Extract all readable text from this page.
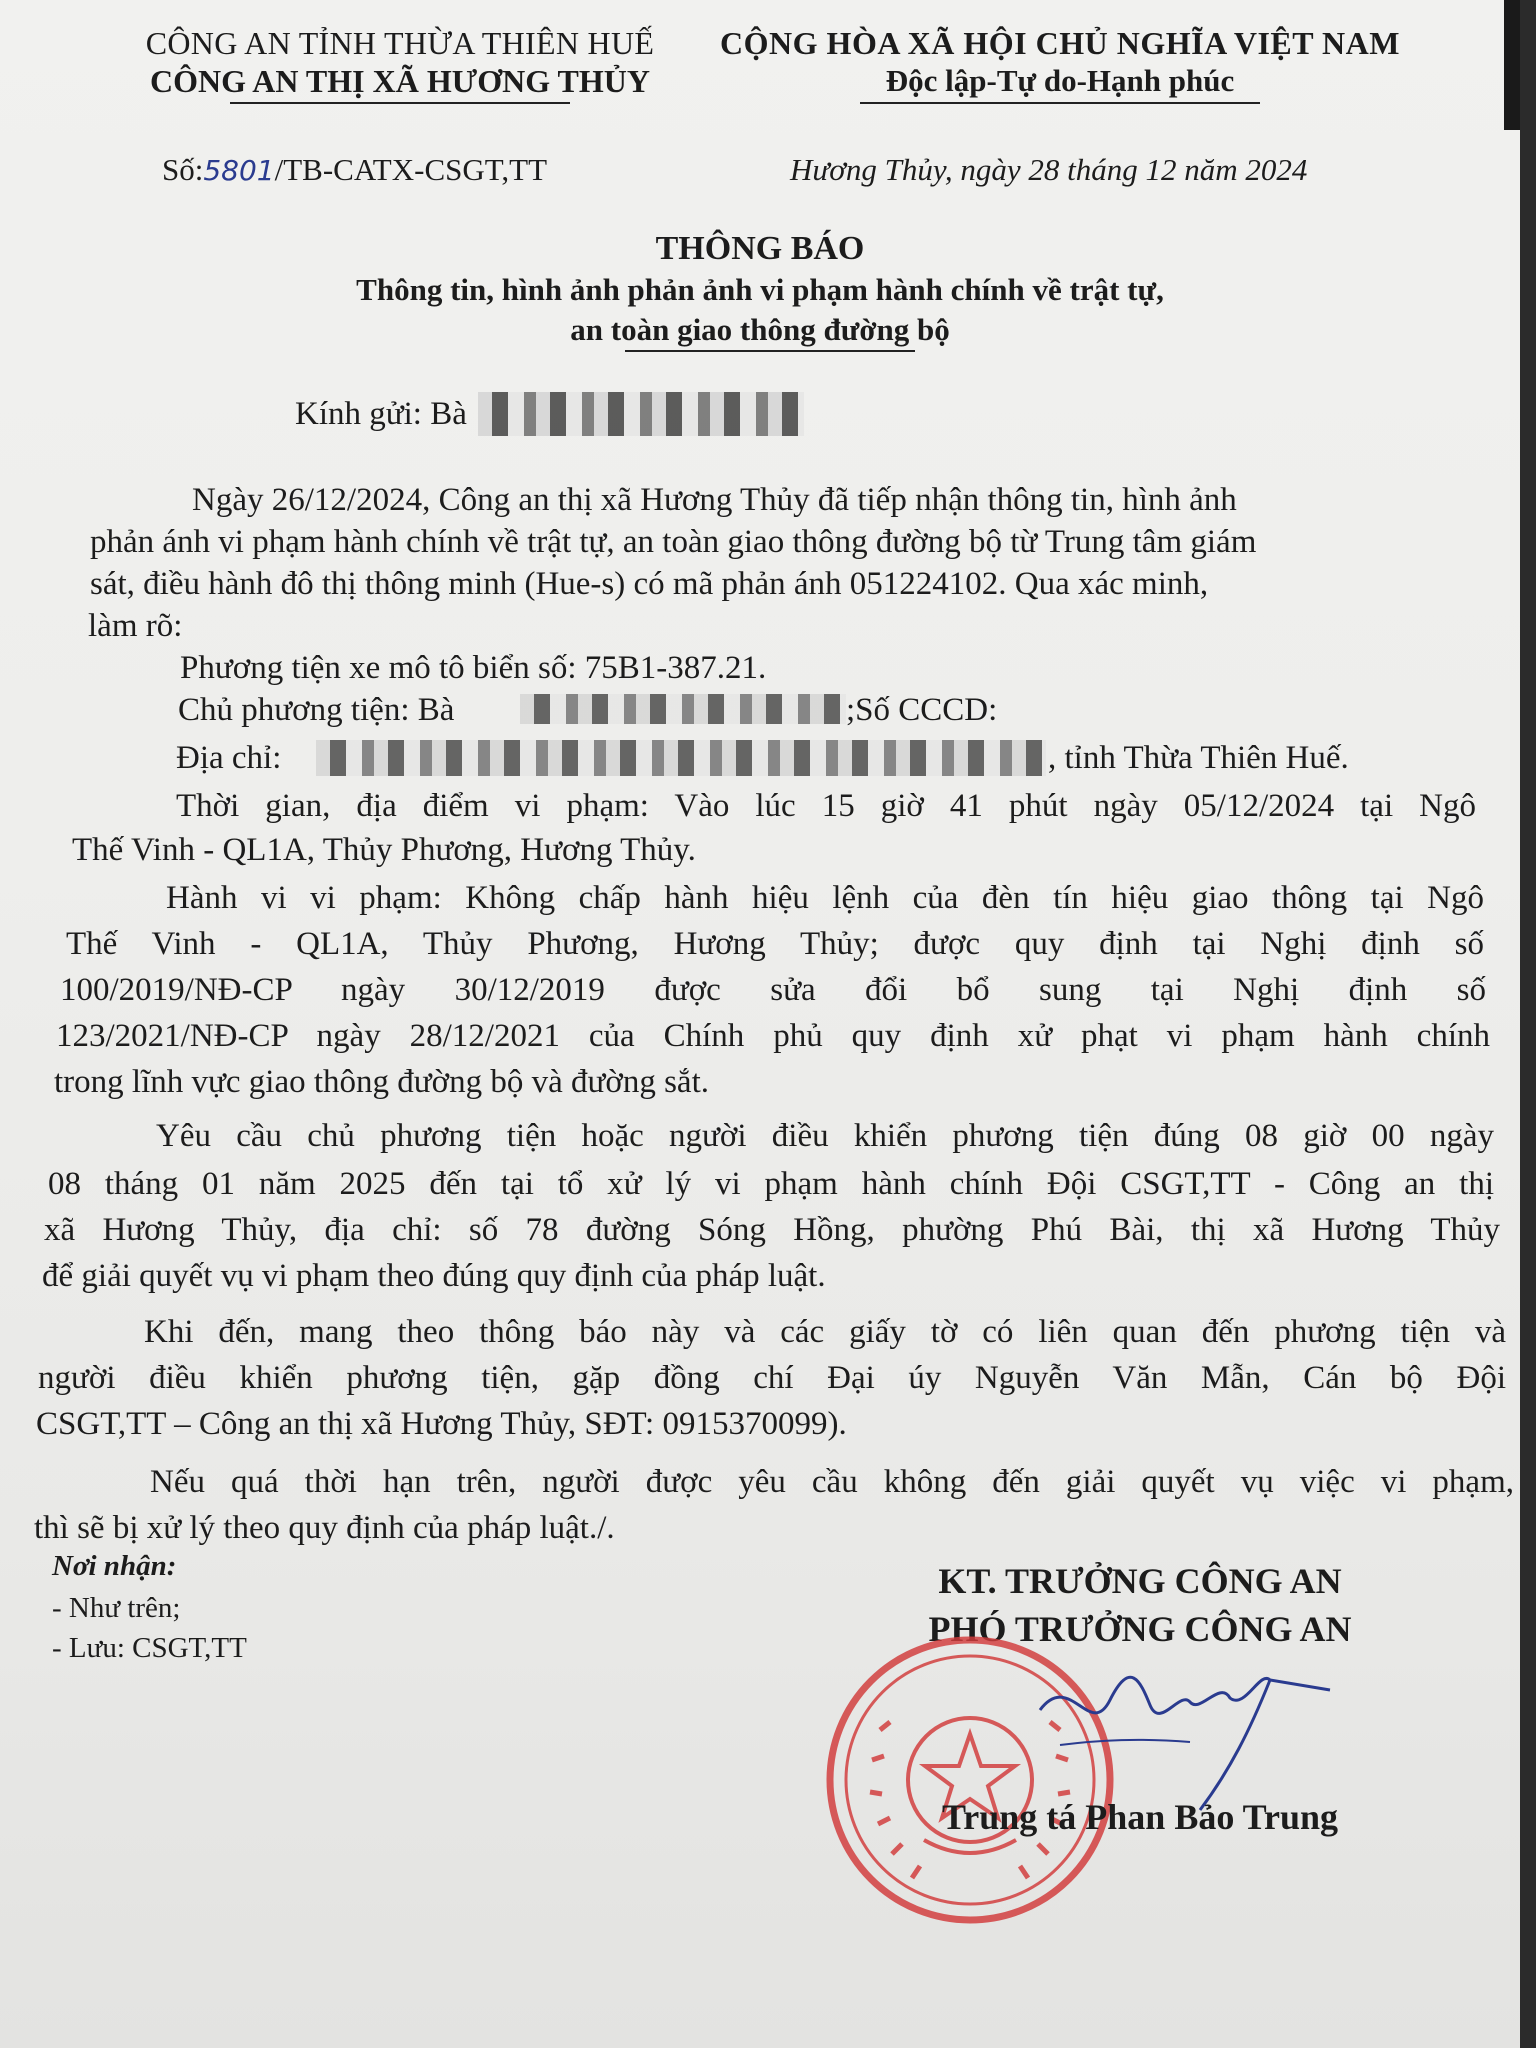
CÔNG AN TỈNH THỪA THIÊN HUẾ
CÔNG AN THỊ XÃ HƯƠNG THỦY
CỘNG HÒA XÃ HỘI CHỦ NGHĨA VIỆT NAM
Độc lập-Tự do-Hạnh phúc
Số:5801/TB-CATX-CSGT,TT	Hương Thủy, ngày 28 tháng 12 năm 2024
THÔNG BÁO
Thông tin, hình ảnh phản ảnh vi phạm hành chính về trật tự,
an toàn giao thông đường bộ
Kính gửi: Bà
Ngày 26/12/2024, Công an thị xã Hương Thủy đã tiếp nhận thông tin, hình ảnh
phản ánh vi phạm hành chính về trật tự, an toàn giao thông đường bộ từ Trung tâm giám
sát, điều hành đô thị thông minh (Hue-s) có mã phản ánh 051224102. Qua xác minh,
làm rõ:
Phương tiện xe mô tô biển số: 75B1-387.21.
Chủ phương tiện: Bà	;Số CCCD:
Địa chỉ:	, tỉnh Thừa Thiên Huế.
Thời gian, địa điểm vi phạm: Vào lúc 15 giờ 41 phút ngày 05/12/2024 tại Ngô
Thế Vinh - QL1A, Thủy Phương, Hương Thủy.
Hành vi vi phạm: Không chấp hành hiệu lệnh của đèn tín hiệu giao thông tại Ngô
Thế Vinh - QL1A, Thủy Phương, Hương Thủy; được quy định tại Nghị định số
100/2019/NĐ-CP ngày 30/12/2019 được sửa đổi bổ sung tại Nghị định số
123/2021/NĐ-CP ngày 28/12/2021 của Chính phủ quy định xử phạt vi phạm hành chính
trong lĩnh vực giao thông đường bộ và đường sắt.
Yêu cầu chủ phương tiện hoặc người điều khiển phương tiện đúng 08 giờ 00 ngày
08 tháng 01 năm 2025 đến tại tổ xử lý vi phạm hành chính Đội CSGT,TT - Công an thị
xã Hương Thủy, địa chỉ: số 78 đường Sóng Hồng, phường Phú Bài, thị xã Hương Thủy
để giải quyết vụ vi phạm theo đúng quy định của pháp luật.
Khi đến, mang theo thông báo này và các giấy tờ có liên quan đến phương tiện và
người điều khiển phương tiện, gặp đồng chí Đại úy Nguyễn Văn Mẫn, Cán bộ Đội
CSGT,TT – Công an thị xã Hương Thủy, SĐT: 0915370099).
Nếu quá thời hạn trên, người được yêu cầu không đến giải quyết vụ việc vi phạm,
thì sẽ bị xử lý theo quy định của pháp luật./.
Nơi nhận:
- Như trên;
- Lưu: CSGT,TT
KT. TRƯỞNG CÔNG AN
PHÓ TRƯỞNG CÔNG AN
Trung tá Phan Bảo Trung
